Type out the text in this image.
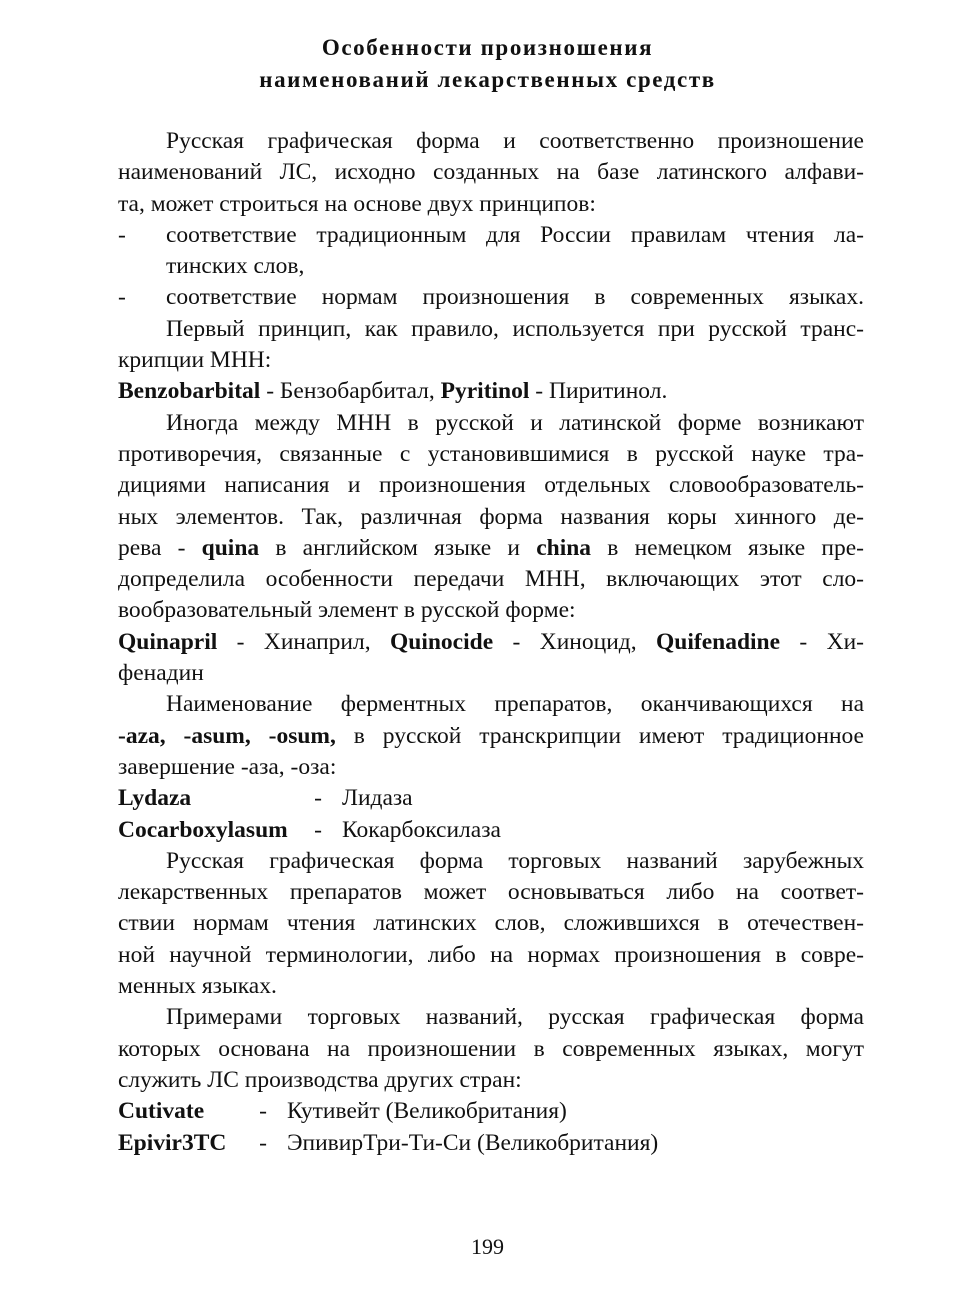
Особенности произношения
наименований лекарственных средств
Русская графическая форма и соответственно произношение
наименований ЛС, исходно созданных на базе латинского алфави-
та, может строиться на основе двух принципов:
-	соответствие традиционным для России правилам чтения ла-
тинских слов,
-	соответствие нормам произношения в современных языках.
Первый принцип, как правило, используется при русской транс-
крипции МНН:
Benzobarbital - Бензобарбитал, Pyritinol - Пиритинол.
Иногда между МНН в русской и латинской форме возникают
противоречия, связанные с установившимися в русской науке тра-
дициями написания и произношения отдельных словообразователь-
ных элементов. Так, различная форма названия коры хинного де-
рева - quina в английском языке и china в немецком языке пре-
допределила особенности передачи МНН, включающих этот сло-
вообразовательный элемент в русской форме:
Quinapril - Хинаприл, Quinocide - Хиноцид, Quifenadine - Хи-
фенадин
Наименование ферментных препаратов, оканчивающихся на
-aza, -asum, -osum, в русской транскрипции имеют традиционное
завершение -аза, -оза:
Lydaza	- Лидаза
Cocarboxylasum - Кокарбоксилаза
Русская графическая форма торговых названий зарубежных
лекарственных препаратов может основываться либо на соответ-
ствии нормам чтения латинских слов, сложившихся в отечествен-
ной научной терминологии, либо на нормах произношения в совре-
менных языках.
Примерами торговых названий, русская графическая форма
которых основана на произношении в современных языках, могут
служить ЛС производства других стран:
Cutivate - Кутивейт (Великобритания)
Epivir3TC - ЭпивирТри-Ти-Си (Великобритания)
199
